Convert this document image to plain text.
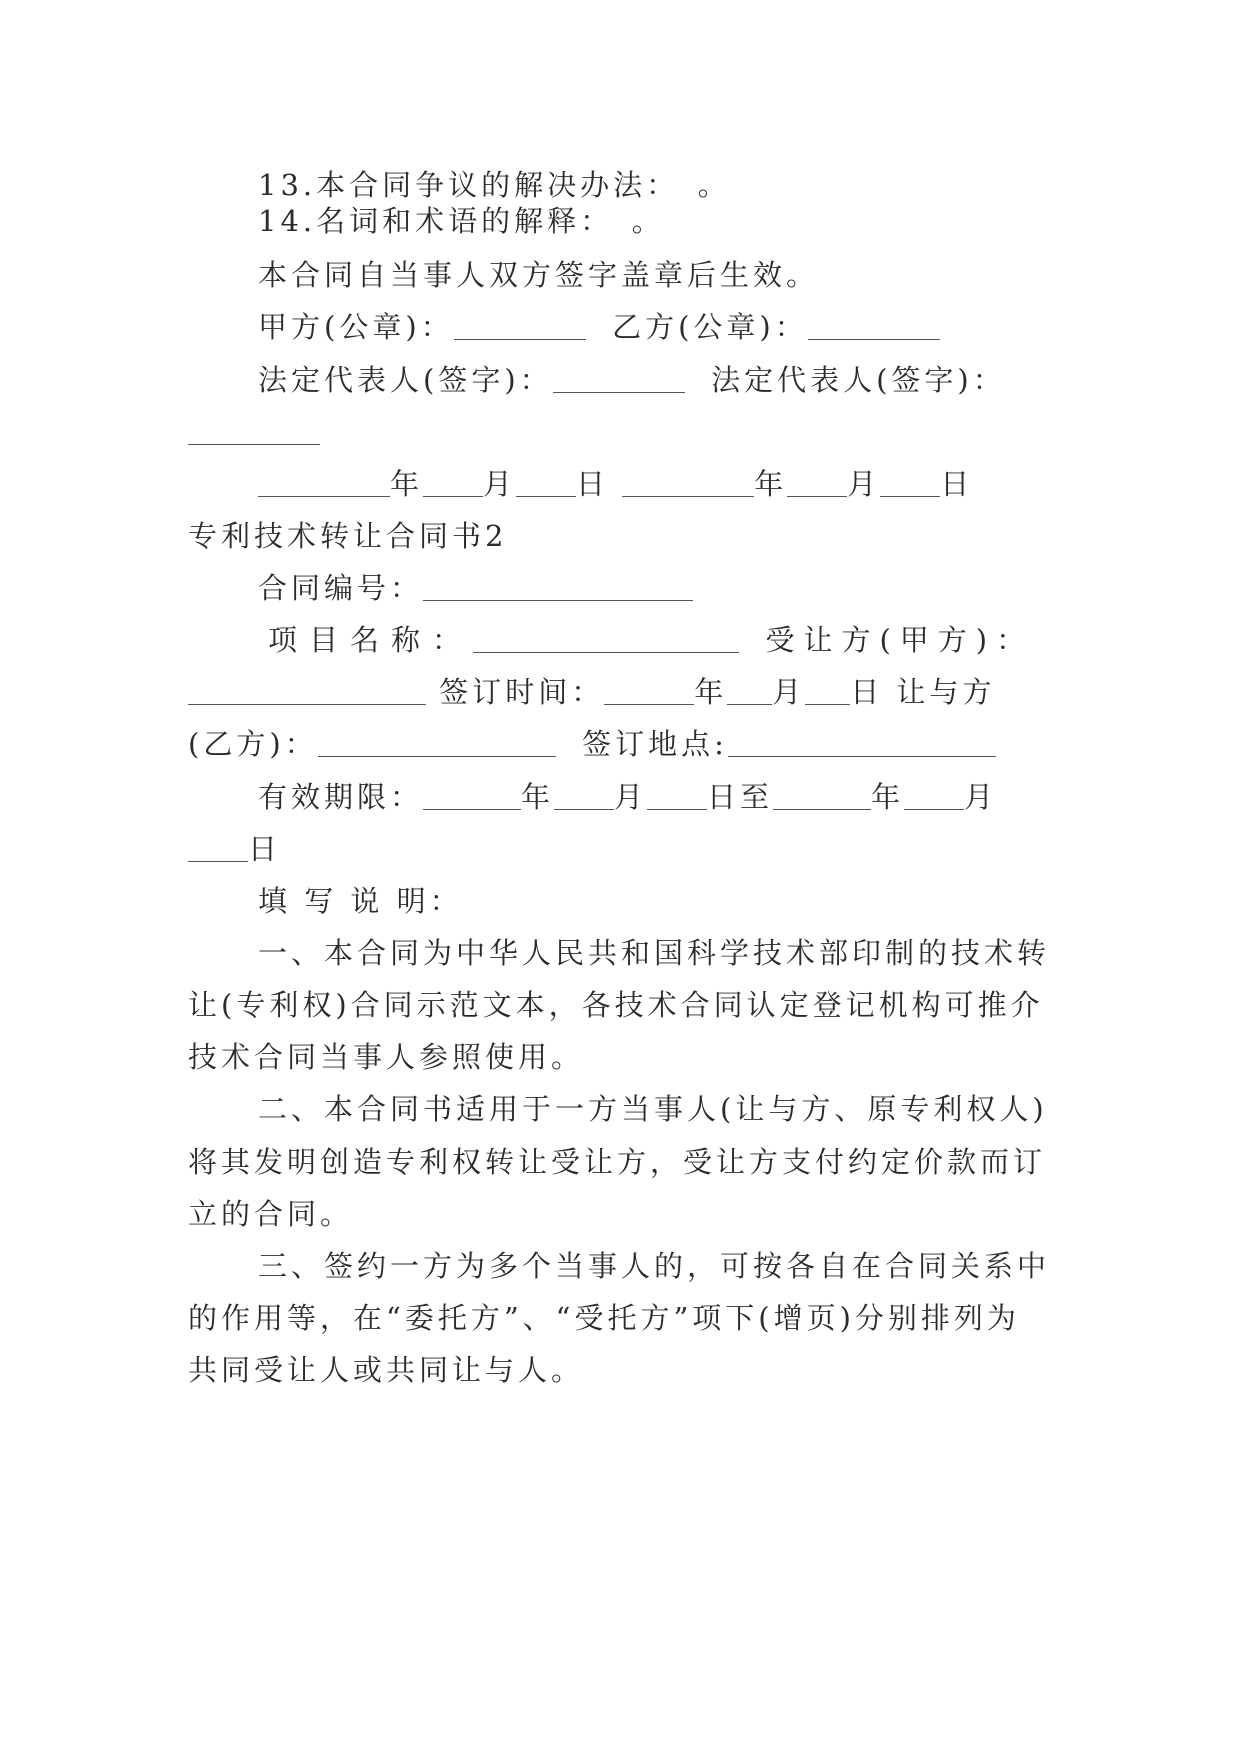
13.本合同争议的解决办法：　。
14.名词和术语的解释：　。
本合同自当事人双方签字盖章后生效。
甲方(公章)：	乙方(公章)：
法定代表人(签字)：	法定代表人(签字)：
年 月 日	年 月 日
专利技术转让合同书2
合同编号：
项目名称：	受让方(甲方)：
签订时间：	年 月 日 让与方
(乙方)：	签订地点:
有效期限：	年 月 日至	年 月
日
填 写 说 明：
一、本合同为中华人民共和国科学技术部印制的技术转
让(专利权)合同示范文本，各技术合同认定登记机构可推介
技术合同当事人参照使用。
二、本合同书适用于一方当事人(让与方、原专利权人)
将其发明创造专利权转让受让方，受让方支付约定价款而订
立的合同。
三、签约一方为多个当事人的，可按各自在合同关系中
的作用等，在“委托方”、“受托方”项下(增页)分别排列为
共同受让人或共同让与人。
